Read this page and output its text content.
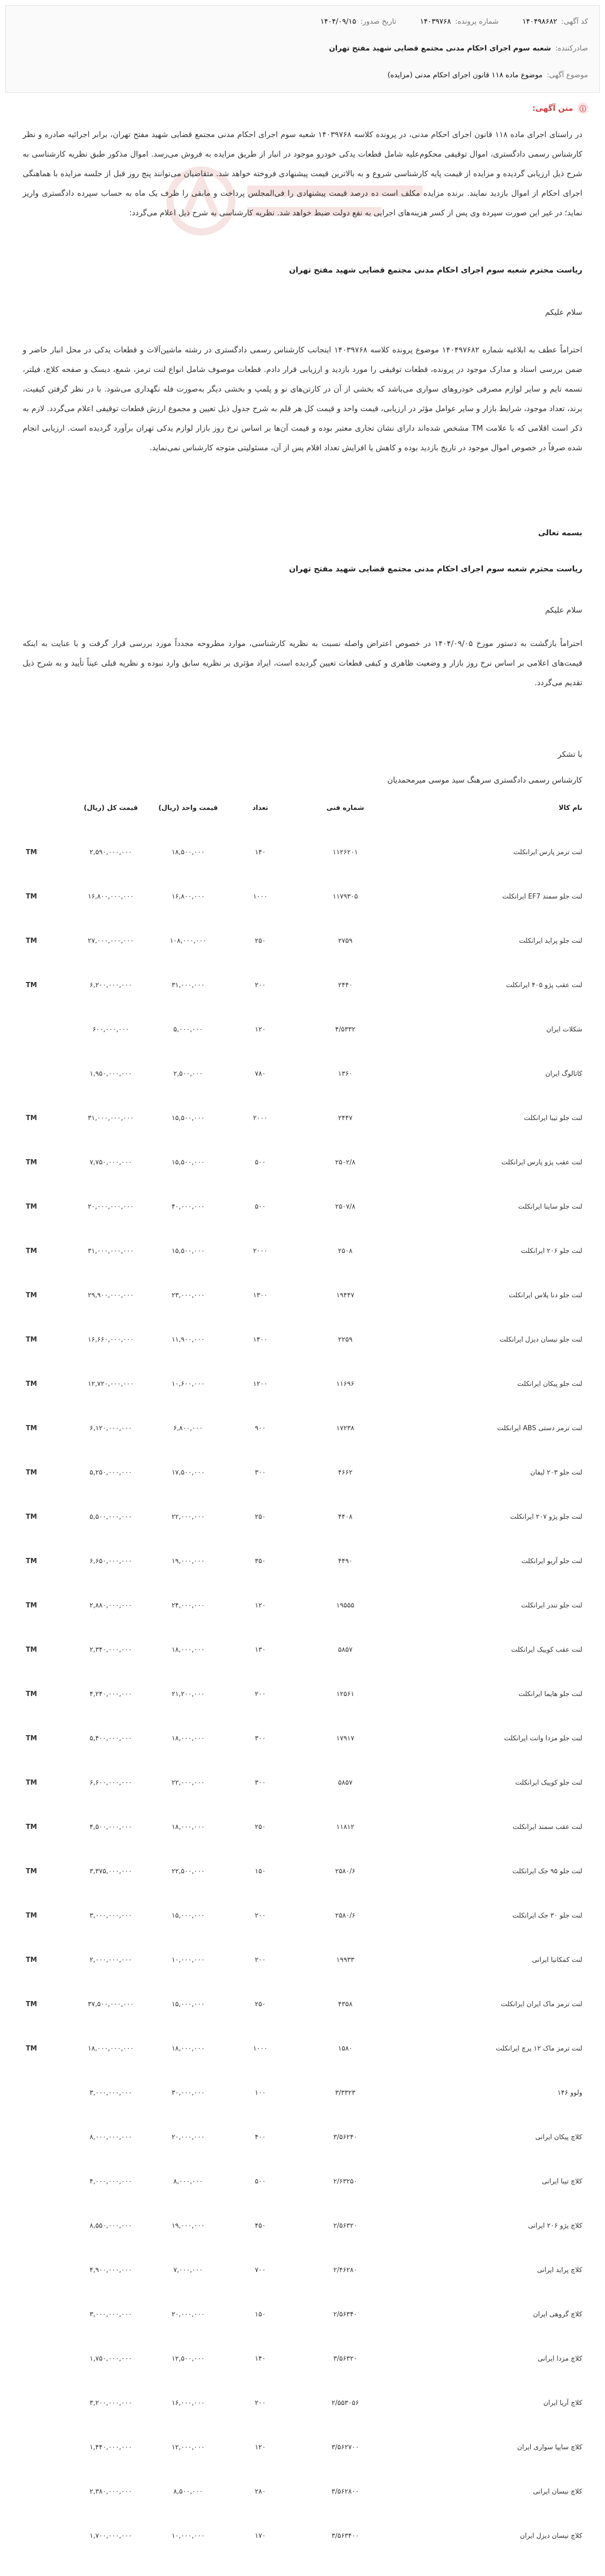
کد آگهی:
۱۴۰۴۹۸۶۸۲
شماره پرونده:
۱۴۰۳۹۷۶۸
تاریخ صدور:
۱۴۰۴/۰۹/۱۵
صادرکننده:
شعبه سوم اجرای احکام مدنی مجتمع قضایی شهید مفتح تهران
موضوع آگهی:
موضوع ماده ۱۱۸ قانون اجرای احکام مدنی (مزایده)
ⓘ
متن آگهی:
در راستای اجرای ماده ۱۱۸ قانون اجرای احکام مدنی، در پرونده کلاسه ۱۴۰۳۹۷۶۸ شعبه سوم اجرای احکام مدنی مجتمع قضایی شهید مفتح تهران، برابر اجرائیه صادره و نظر کارشناس رسمی دادگستری، اموال توقیفی محکوم‌علیه شامل قطعات یدکی خودرو موجود در انبار از طریق مزایده به فروش می‌رسد. اموال مذکور طبق نظریه کارشناسی به شرح ذیل ارزیابی گردیده و مزایده از قیمت پایه کارشناسی شروع و به بالاترین قیمت پیشنهادی فروخته خواهد شد. متقاضیان می‌توانند پنج روز قبل از جلسه مزایده با هماهنگی اجرای احکام از اموال بازدید نمایند. برنده مزایده مکلف است ده درصد قیمت پیشنهادی را فی‌المجلس پرداخت و مابقی را ظرف یک ماه به حساب سپرده دادگستری واریز نماید؛ در غیر این صورت سپرده وی پس از کسر هزینه‌های اجرایی به نفع دولت ضبط خواهد شد. نظریه کارشناسی به شرح ذیل اعلام می‌گردد:
ریاست محترم شعبه سوم اجرای احکام مدنی مجتمع قضایی شهید مفتح تهران
سلام علیکم
احتراماً عطف به ابلاغیه شماره ۱۴۰۴۹۷۶۸۲ موضوع پرونده کلاسه ۱۴۰۳۹۷۶۸ اینجانب کارشناس رسمی دادگستری در رشته ماشین‌آلات و قطعات یدکی در محل انبار حاضر و ضمن بررسی اسناد و مدارک موجود در پرونده، قطعات توقیفی را مورد بازدید و ارزیابی قرار دادم. قطعات موصوف شامل انواع لنت ترمز، شمع، دیسک و صفحه کلاچ، فیلتر، تسمه تایم و سایر لوازم مصرفی خودروهای سواری می‌باشد که بخشی از آن در کارتن‌های نو و پلمپ و بخشی دیگر به‌صورت فله نگهداری می‌شود. با در نظر گرفتن کیفیت، برند، تعداد موجود، شرایط بازار و سایر عوامل مؤثر در ارزیابی، قیمت واحد و قیمت کل هر قلم به شرح جدول ذیل تعیین و مجموع ارزش قطعات توقیفی اعلام می‌گردد. لازم به ذکر است اقلامی که با علامت TM مشخص شده‌اند دارای نشان تجاری معتبر بوده و قیمت آن‌ها بر اساس نرخ روز بازار لوازم یدکی تهران برآورد گردیده است. ارزیابی انجام شده صرفاً در خصوص اموال موجود در تاریخ بازدید بوده و کاهش یا افزایش تعداد اقلام پس از آن، مسئولیتی متوجه کارشناس نمی‌نماید.
بسمه تعالی
ریاست محترم شعبه سوم اجرای احکام مدنی مجتمع قضایی شهید مفتح تهران
سلام علیکم
احتراماً بازگشت به دستور مورخ ۱۴۰۴/۰۹/۰۵ در خصوص اعتراض واصله نسبت به نظریه کارشناسی، موارد مطروحه مجدداً مورد بررسی قرار گرفت و با عنایت به اینکه قیمت‌های اعلامی بر اساس نرخ روز بازار و وضعیت ظاهری و کیفی قطعات تعیین گردیده است، ایراد مؤثری بر نظریه سابق وارد نبوده و نظریه قبلی عیناً تأیید و به شرح ذیل تقدیم می‌گردد.
با تشکر
کارشناس رسمی دادگستری سرهنگ سید موسی میرمحمدیان
نام کالا
شماره فنی
تعداد
قیمت واحد (ریال)
قیمت کل (ریال)
لنت ترمز پارس ایرانکلت
۱۱۲۶۲۰۱
۱۴۰
۱۸,۵۰۰,۰۰۰
۲,۵۹۰,۰۰۰,۰۰۰
TM
لنت جلو سمند EF7 ایرانکلت
۱۱۷۹۳۰۵
۱۰۰۰
۱۶,۸۰۰,۰۰۰
۱۶,۸۰۰,۰۰۰,۰۰۰
TM
لنت جلو پراید ایرانکلت
۲۷۵۹
۲۵۰
۱۰۸,۰۰۰,۰۰۰
۲۷,۰۰۰,۰۰۰,۰۰۰
TM
لنت عقب پژو ۴۰۵ ایرانکلت
۲۴۴۰
۲۰۰
۳۱,۰۰۰,۰۰۰
۶,۲۰۰,۰۰۰,۰۰۰
TM
شکلات ایران
۴/۵۳۳۲
۱۲۰
۵,۰۰۰,۰۰۰
۶۰۰,۰۰۰,۰۰۰
کاتالوگ ایران
۱۳۶۰
۷۸۰
۲,۵۰۰,۰۰۰
۱,۹۵۰,۰۰۰,۰۰۰
لنت جلو تیبا ایرانکلت
۲۴۴۷
۲۰۰۰
۱۵,۵۰۰,۰۰۰
۳۱,۰۰۰,۰۰۰,۰۰۰
TM
لنت عقب پژو پارس ایرانکلت
۲۵۰۲/۸
۵۰۰
۱۵,۵۰۰,۰۰۰
۷,۷۵۰,۰۰۰,۰۰۰
TM
لنت جلو ساینا ایرانکلت
۲۵۰۷/۸
۵۰۰
۴۰,۰۰۰,۰۰۰
۲۰,۰۰۰,۰۰۰,۰۰۰
TM
لنت جلو ۲۰۶ ایرانکلت
۲۵۰۸
۲۰۰۰
۱۵,۵۰۰,۰۰۰
۳۱,۰۰۰,۰۰۰,۰۰۰
TM
لنت جلو دنا پلاس ایرانکلت
۱۹۴۴۷
۱۳۰۰
۲۳,۰۰۰,۰۰۰
۲۹,۹۰۰,۰۰۰,۰۰۰
TM
لنت جلو نیسان دیزل ایرانکلت
۲۲۵۹
۱۴۰۰
۱۱,۹۰۰,۰۰۰
۱۶,۶۶۰,۰۰۰,۰۰۰
TM
لنت جلو پیکان ایرانکلت
۱۱۶۹۶
۱۲۰۰
۱۰,۶۰۰,۰۰۰
۱۲,۷۲۰,۰۰۰,۰۰۰
TM
لنت ترمز دستی ABS ایرانکلت
۱۷۲۳۸
۹۰۰
۶,۸۰۰,۰۰۰
۶,۱۲۰,۰۰۰,۰۰۰
TM
لنت جلو ۲۰۳ لیفان
۴۶۶۲
۳۰۰
۱۷,۵۰۰,۰۰۰
۵,۲۵۰,۰۰۰,۰۰۰
TM
لنت جلو پژو ۲۰۷ ایرانکلت
۴۴۰۸
۲۵۰
۲۲,۰۰۰,۰۰۰
۵,۵۰۰,۰۰۰,۰۰۰
TM
لنت جلو آریو ایرانکلت
۴۴۹۰
۳۵۰
۱۹,۰۰۰,۰۰۰
۶,۶۵۰,۰۰۰,۰۰۰
TM
لنت جلو تندر ایرانکلت
۱۹۵۵۵
۱۲۰
۲۴,۰۰۰,۰۰۰
۲,۸۸۰,۰۰۰,۰۰۰
TM
لنت عقب کوییک ایرانکلت
۵۸۵۷
۱۳۰
۱۸,۰۰۰,۰۰۰
۲,۳۴۰,۰۰۰,۰۰۰
TM
لنت جلو هایما ایرانکلت
۱۲۵۶۱
۲۰۰
۲۱,۲۰۰,۰۰۰
۴,۲۴۰,۰۰۰,۰۰۰
TM
لنت جلو مزدا وانت ایرانکلت
۱۷۹۱۷
۳۰۰
۱۸,۰۰۰,۰۰۰
۵,۴۰۰,۰۰۰,۰۰۰
TM
لنت جلو کوییک ایرانکلت
۵۸۵۷
۳۰۰
۲۲,۰۰۰,۰۰۰
۶,۶۰۰,۰۰۰,۰۰۰
TM
لنت عقب سمند ایرانکلت
۱۱۸۱۲
۲۵۰
۱۸,۰۰۰,۰۰۰
۴,۵۰۰,۰۰۰,۰۰۰
TM
لنت جلو ۹۵ جک ایرانکلت
۲۵۸۰/۶
۱۵۰
۲۲,۵۰۰,۰۰۰
۳,۳۷۵,۰۰۰,۰۰۰
TM
لنت جلو ۳۰ جک ایرانکلت
۲۵۸۰/۶
۲۰۰
۱۵,۰۰۰,۰۰۰
۳,۰۰۰,۰۰۰,۰۰۰
TM
لنت کمکانیا ایرانی
۱۹۹۳۳
۲۰۰
۱۰,۰۰۰,۰۰۰
۲,۰۰۰,۰۰۰,۰۰۰
TM
لنت ترمز ماک ایران ایرانکلت
۴۳۵۸
۲۵۰
۱۵,۰۰۰,۰۰۰
۳۷,۵۰۰,۰۰۰,۰۰۰
TM
لنت ترمز ماک ۱۲ پرچ ایرانکلت
۱۵۸۰
۱۰۰۰
۱۸,۰۰۰,۰۰۰
۱۸,۰۰۰,۰۰۰,۰۰۰
TM
ولوو ۱۴۶
۳/۳۳۲۳
۱۰۰
۳۰,۰۰۰,۰۰۰
۳,۰۰۰,۰۰۰,۰۰۰
کلاچ پیکان ایرانی
۳/۵۶۲۴۰
۴۰۰
۲۰,۰۰۰,۰۰۰
۸,۰۰۰,۰۰۰,۰۰۰
کلاچ تیبا ایرانی
۲/۶۳۲۵۰
۵۰۰
۸,۰۰۰,۰۰۰
۴,۰۰۰,۰۰۰,۰۰۰
کلاچ پژو ۲۰۶ ایرانی
۲/۵۶۳۲۰
۴۵۰
۱۹,۰۰۰,۰۰۰
۸,۵۵۰,۰۰۰,۰۰۰
کلاچ پراید ایرانی
۲/۴۶۲۸۰
۷۰۰
۷,۰۰۰,۰۰۰
۴,۹۰۰,۰۰۰,۰۰۰
کلاچ گروهی ایران
۲/۵۶۳۴۰
۱۵۰
۲۰,۰۰۰,۰۰۰
۳,۰۰۰,۰۰۰,۰۰۰
کلاچ مزدا ایرانی
۳/۵۶۳۲۰
۱۴۰
۱۲,۵۰۰,۰۰۰
۱,۷۵۰,۰۰۰,۰۰۰
کلاچ آریا ایران
۲/۵۵۳۰۵۶
۲۰۰
۱۶,۰۰۰,۰۰۰
۳,۲۰۰,۰۰۰,۰۰۰
کلاچ سایپا سواری ایران
۳/۵۶۲۷۰۰
۱۲۰
۱۲,۰۰۰,۰۰۰
۱,۴۴۰,۰۰۰,۰۰۰
کلاچ نیسان ایرانی
۳/۵۶۲۸۰۰
۲۸۰
۸,۵۰۰,۰۰۰
۲,۳۸۰,۰۰۰,۰۰۰
کلاچ نیسان دیزل ایران
۳/۵۶۳۴۰۰
۱۷۰
۱۰,۰۰۰,۰۰۰
۱,۷۰۰,۰۰۰,۰۰۰
